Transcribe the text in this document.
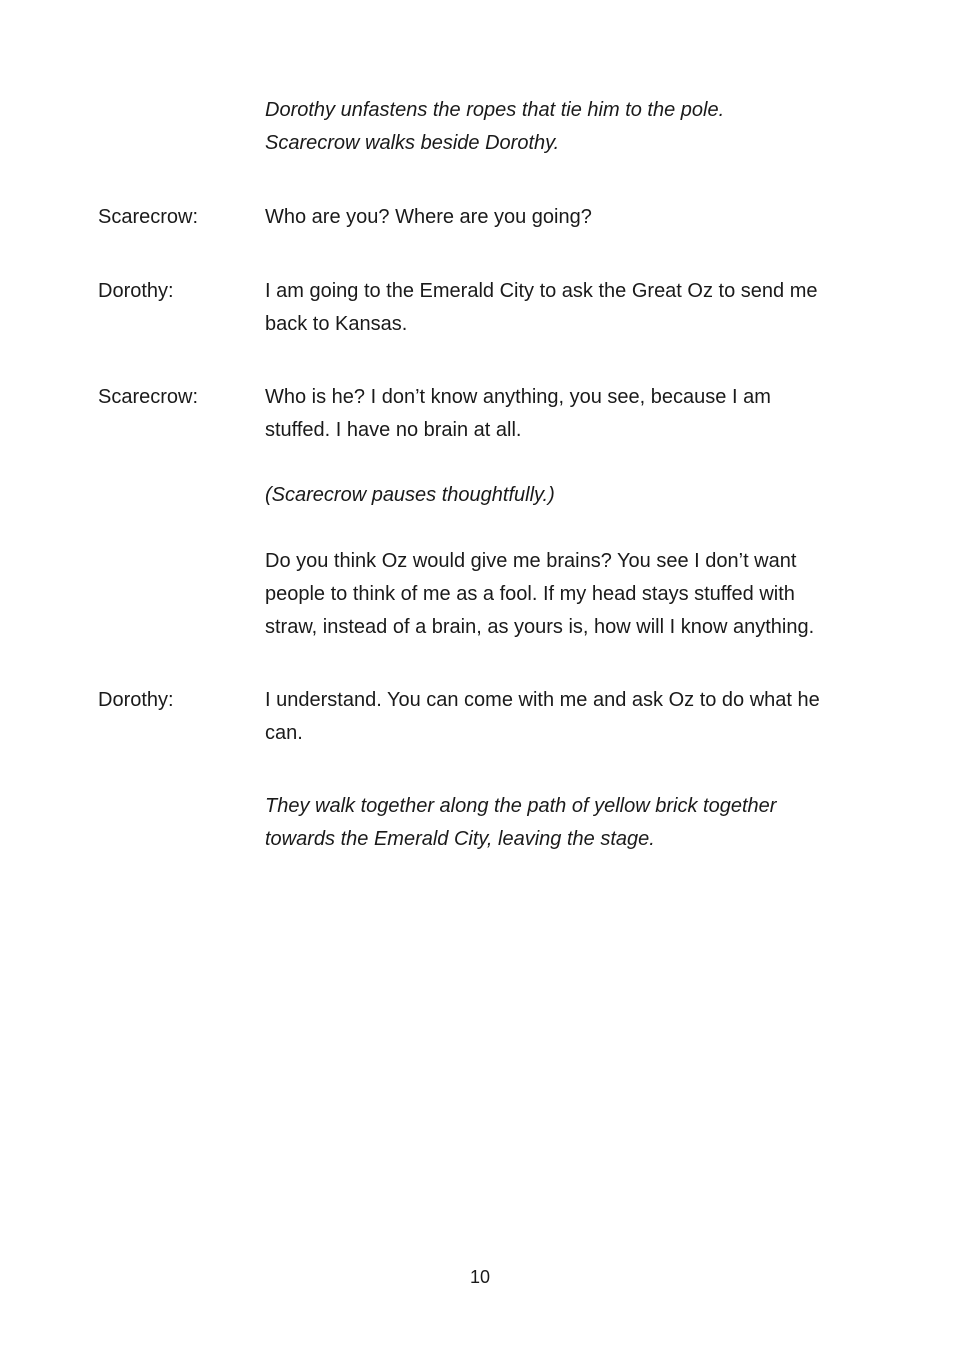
Dorothy unfastens the ropes that tie him to the pole.
Scarecrow walks beside Dorothy.
Scarecrow:	Who are you? Where are you going?
Dorothy:	I am going to the Emerald City to ask the Great Oz to send me
back to Kansas.
Scarecrow:	Who is he? I don’t know anything, you see, because I am
stuffed. I have no brain at all.
(Scarecrow pauses thoughtfully.)
Do you think Oz would give me brains? You see I don’t want
people to think of me as a fool. If my head stays stuffed with
straw, instead of a brain, as yours is, how will I know anything.
Dorothy:	I understand. You can come with me and ask Oz to do what he
can.
They walk together along the path of yellow brick together
towards the Emerald City, leaving the stage.
10
